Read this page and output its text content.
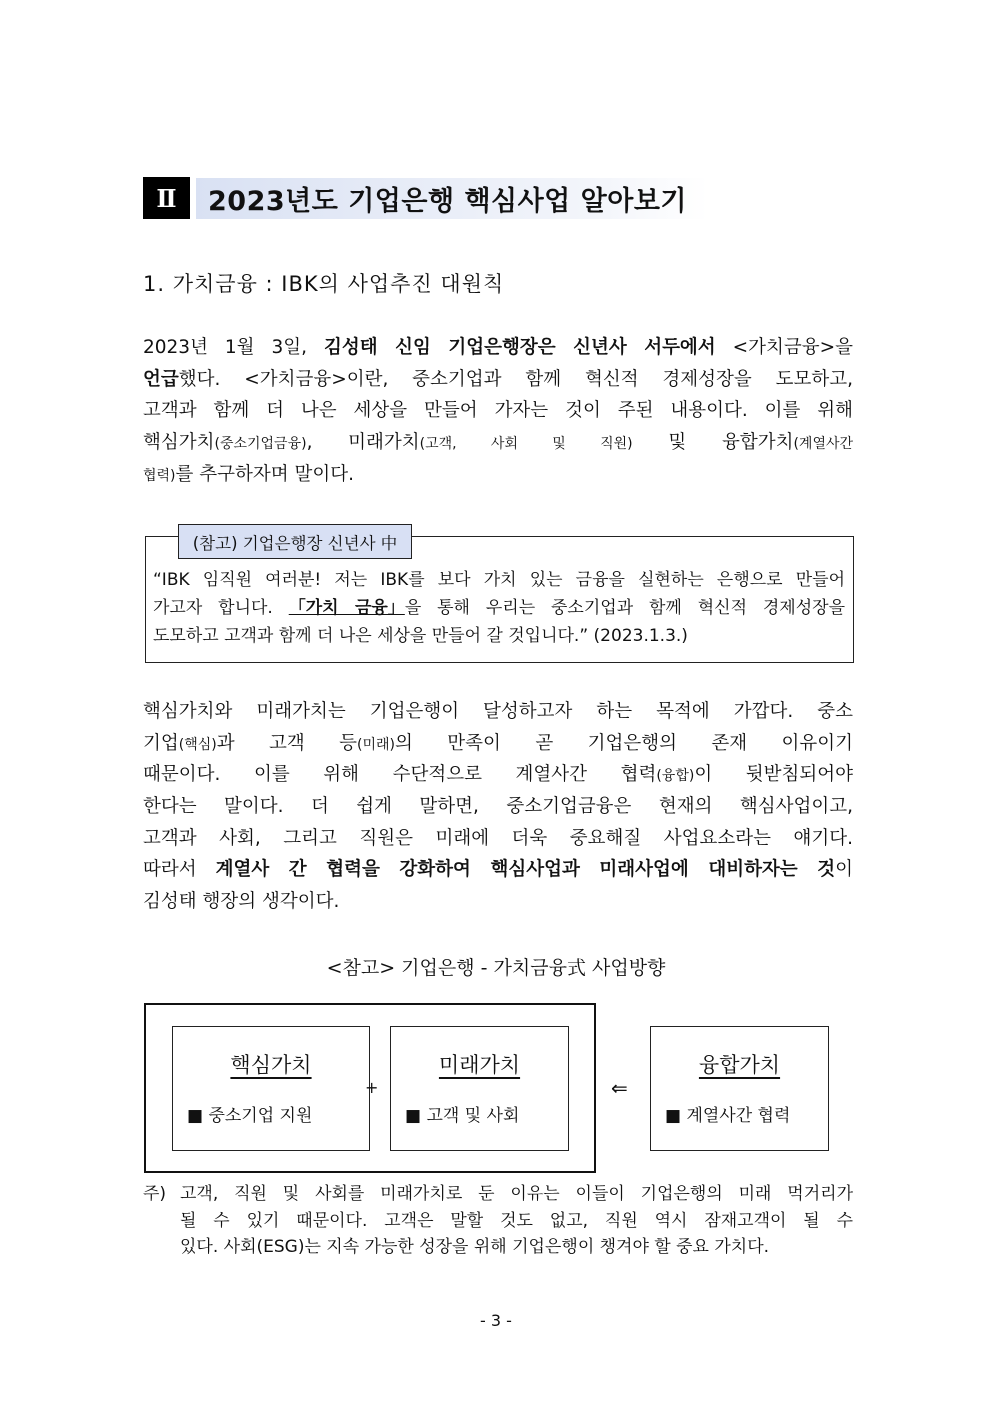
Ⅱ	2023년도 기업은행 핵심사업 알아보기
1. 가치금융 : IBK의 사업추진 대원칙
2023년 1월 3일, 김성태 신임 기업은행장은 신년사 서두에서 <가치금융>을
언급했다. <가치금융>이란, 중소기업과 함께 혁신적 경제성장을 도모하고,
고객과 함께 더 나은 세상을 만들어 가자는 것이 주된 내용이다. 이를 위해
핵심가치(중소기업금융), 미래가치(고객, 사회 및 직원) 및 융합가치(계열사간
협력)를 추구하자며 말이다.
(참고) 기업은행장 신년사 中
“IBK 임직원 여러분! 저는 IBK를 보다 가치 있는 금융을 실현하는 은행으로 만들어
가고자 합니다. 「가치 금융」을 통해 우리는 중소기업과 함께 혁신적 경제성장을
도모하고 고객과 함께 더 나은 세상을 만들어 갈 것입니다.” (2023.1.3.)
핵심가치와 미래가치는 기업은행이 달성하고자 하는 목적에 가깝다. 중소
기업(핵심)과 고객 등(미래)의 만족이 곧 기업은행의 존재 이유이기
때문이다. 이를 위해 수단적으로 계열사간 협력(융합)이 뒷받침되어야
한다는 말이다. 더 쉽게 말하면, 중소기업금융은 현재의 핵심사업이고,
고객과 사회, 그리고 직원은 미래에 더욱 중요해질 사업요소라는 얘기다.
따라서 계열사 간 협력을 강화하여 핵심사업과 미래사업에 대비하자는 것이
김성태 행장의 생각이다.
<참고> 기업은행 - 가치금융式 사업방향
핵심가치
■ 중소기업 지원
+
미래가치
■ 고객 및 사회
⇐
융합가치
■ 계열사간 협력
주) 고객, 직원 및 사회를 미래가치로 둔 이유는 이들이 기업은행의 미래 먹거리가
될 수 있기 때문이다. 고객은 말할 것도 없고, 직원 역시 잠재고객이 될 수
있다. 사회(ESG)는 지속 가능한 성장을 위해 기업은행이 챙겨야 할 중요 가치다.
- 3 -
